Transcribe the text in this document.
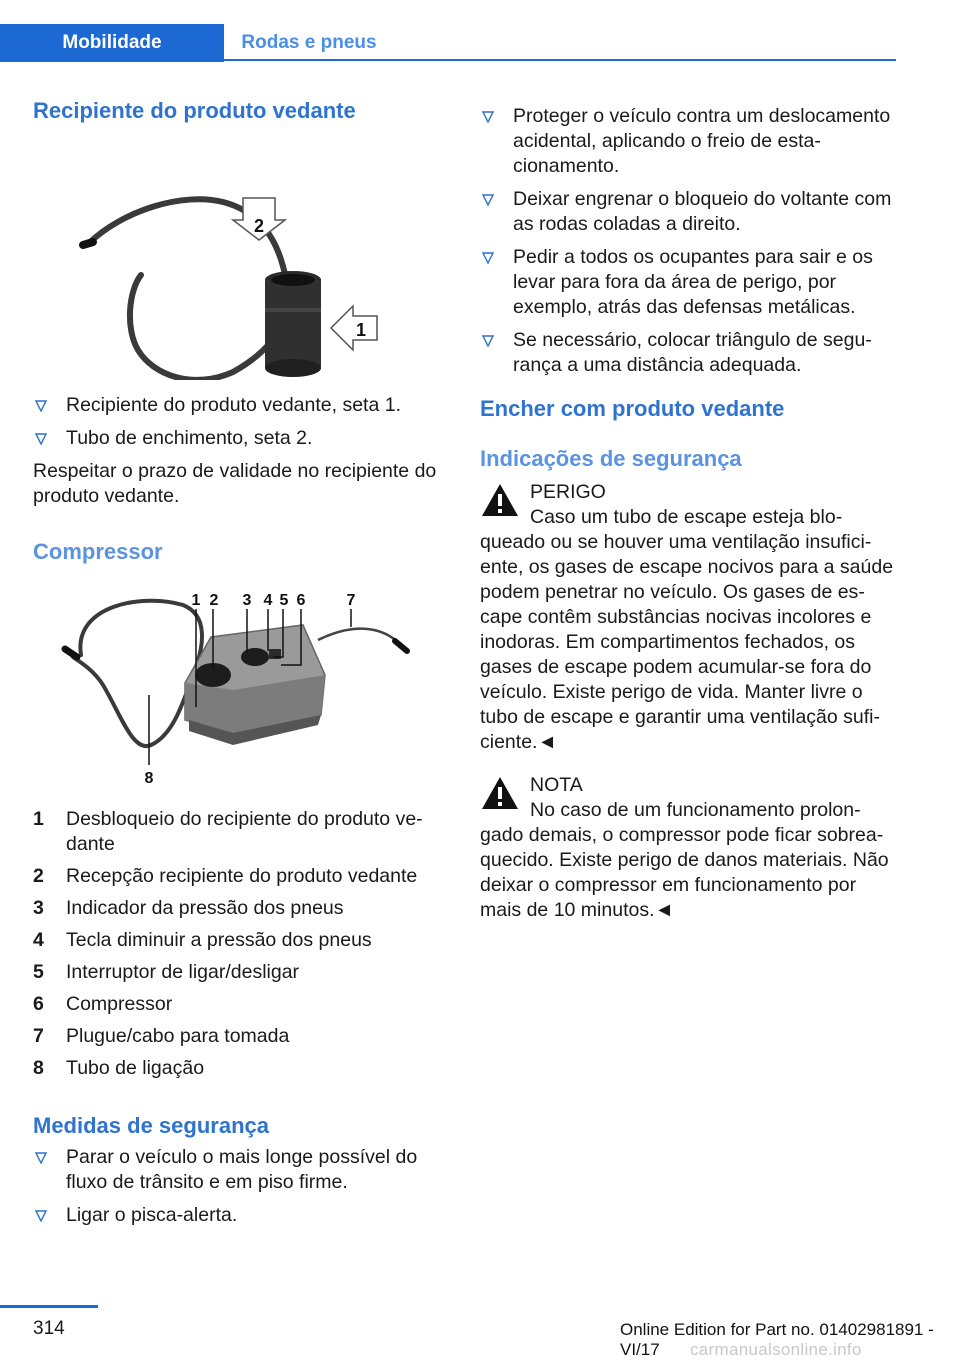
Mobilidade	Rodas e pneus
Recipiente do produto vedante
2
1
Recipiente do produto vedante, seta 1.
Tubo de enchimento, seta 2.

Respeitar o prazo de validade no recipiente do produto vedante.

Compressor
1 2 3 4 5 6	7
8
1 Desbloqueio do recipiente do produto vedante
2 Recepção recipiente do produto vedante
3 Indicador da pressão dos pneus
4 Tecla diminuir a pressão dos pneus
5 Interruptor de ligar/desligar
6 Compressor
7 Plugue/cabo para tomada
8 Tubo de ligação
Medidas de segurança
Parar o veículo o mais longe possível do fluxo de trânsito e em piso firme.
Ligar o pisca-alerta.
Proteger o veículo contra um deslocamento acidental, aplicando o freio de estacionamento.
Deixar engrenar o bloqueio do voltante com as rodas coladas a direito.
Pedir a todos os ocupantes para sair e os levar para fora da área de perigo, por exemplo, atrás das defensas metálicas.
Se necessário, colocar triângulo de segurança a uma distância adequada.
Encher com produto vedante
Indicações de segurança

PERIGO

Caso um tubo de escape esteja bloqueado ou se houver uma ventilação insuficiente, os gases de escape nocivos para a saúde podem penetrar no veículo. Os gases de escape contêm substâncias nocivas incolores e inodoras. Em compartimentos fechados, os gases de escape podem acumular-se fora do veículo. Existe perigo de vida. Manter livre o tubo de escape e garantir uma ventilação suficiente.◄

NOTA

No caso de um funcionamento prolongado demais, o compressor pode ficar sobreaquecido. Existe perigo de danos materiais. Não deixar o compressor em funcionamento por mais de 10 minutos.◄

314	Online Edition for Part no. 01402981891 - VI/17	carmanualsonline.info
